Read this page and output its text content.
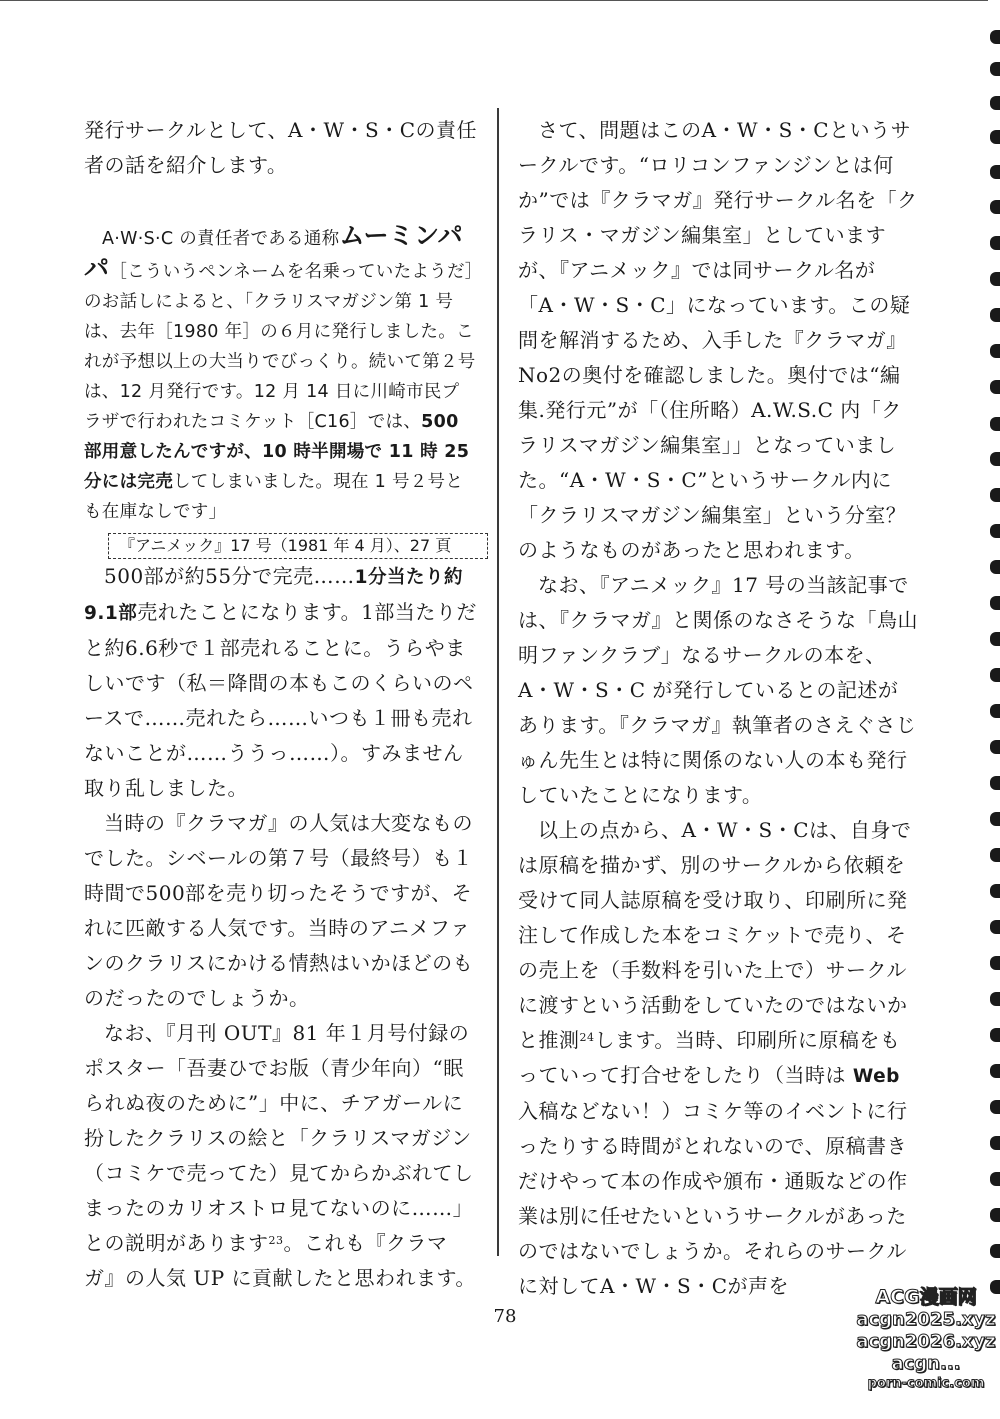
発行サークルとして、A・W・S・Cの責任者の話を紹介します。

A·W·S·C の責任者である通称ムーミンパパ［こういうペンネームを名乗っていたようだ］のお話しによると、「クラリスマガジン第 1 号は、去年［1980 年］の６月に発行しました。これが予想以上の大当りでびっくり。続いて第２号は、12 月発行です。12 月 14 日に川崎市民プラザで行われたコミケット［C16］では、500 部用意したんですが、10 時半開場で 11 時 25 分には完売してしまいました。現在 1 号２号とも在庫なしです」

『アニメック』17 号（1981 年 4 月）、27 頁

500部が約55分で完売……1分当たり約9.1部売れたことになります。1部当たりだと約6.6秒で１部売れることに。うらやましいです（私＝降間の本もこのくらいのペースで……売れたら……いつも１冊も売れないことが……ううっ……）。すみません取り乱しました。

当時の『クラマガ』の人気は大変なものでした。シベールの第７号（最終号）も１時間で500部を売り切ったそうですが、それに匹敵する人気です。当時のアニメファンのクラリスにかける情熱はいかほどのものだったのでしょうか。

なお、『月刊 OUT』81 年１月号付録のポスター「吾妻ひでお版（青少年向）“眠られぬ夜のために”」中に、チアガールに扮したクラリスの絵と「クラリスマガジン（コミケで売ってた）見てからかぶれてしまったのカリオストロ見てないのに……」との説明があります$^{23}$。これも『クラマガ』の人気 UP に貢献したと思われます。

さて、問題はこのA・W・S・Cというサークルです。“ロリコンファンジンとは何か”では『クラマガ』発行サークル名を「クラリス・マガジン編集室」としていますが、『アニメック』では同サークル名が「A・W・S・C」になっています。この疑問を解消するため、入手した『クラマガ』No2の奥付を確認しました。奥付では“編集.発行元”が「（住所略）A.W.S.C 内「クラリスマガジン編集室」」となっていました。“A・W・S・C”というサークル内に「クラリスマガジン編集室」という分室？　のようなものがあったと思われます。

なお、『アニメック』17 号の当該記事では、『クラマガ』と関係のなさそうな「鳥山明ファンクラブ」なるサークルの本を、A・W・S・C が発行しているとの記述があります。『クラマガ』執筆者のさえぐさじゅん先生とは特に関係のない人の本も発行していたことになります。

以上の点から、A・W・S・Cは、自身では原稿を描かず、別のサークルから依頼を受けて同人誌原稿を受け取り、印刷所に発注して作成した本をコミケットで売り、その売上を（手数料を引いた上で）サークルに渡すという活動をしていたのではないかと推測$^{24}$します。当時、印刷所に原稿をもっていって打合せをしたり（当時は Web 入稿などない！）コミケ等のイベントに行ったりする時間がとれないので、原稿書きだけやって本の作成や頒布・通販などの作業は別に任せたいというサークルがあったのではないでしょうか。それらのサークルに対してA・W・S・Cが声を

78
ACG漫画网
acgn2025.xyz
acgn2026.xyz
acgn...
porn-comic.com
